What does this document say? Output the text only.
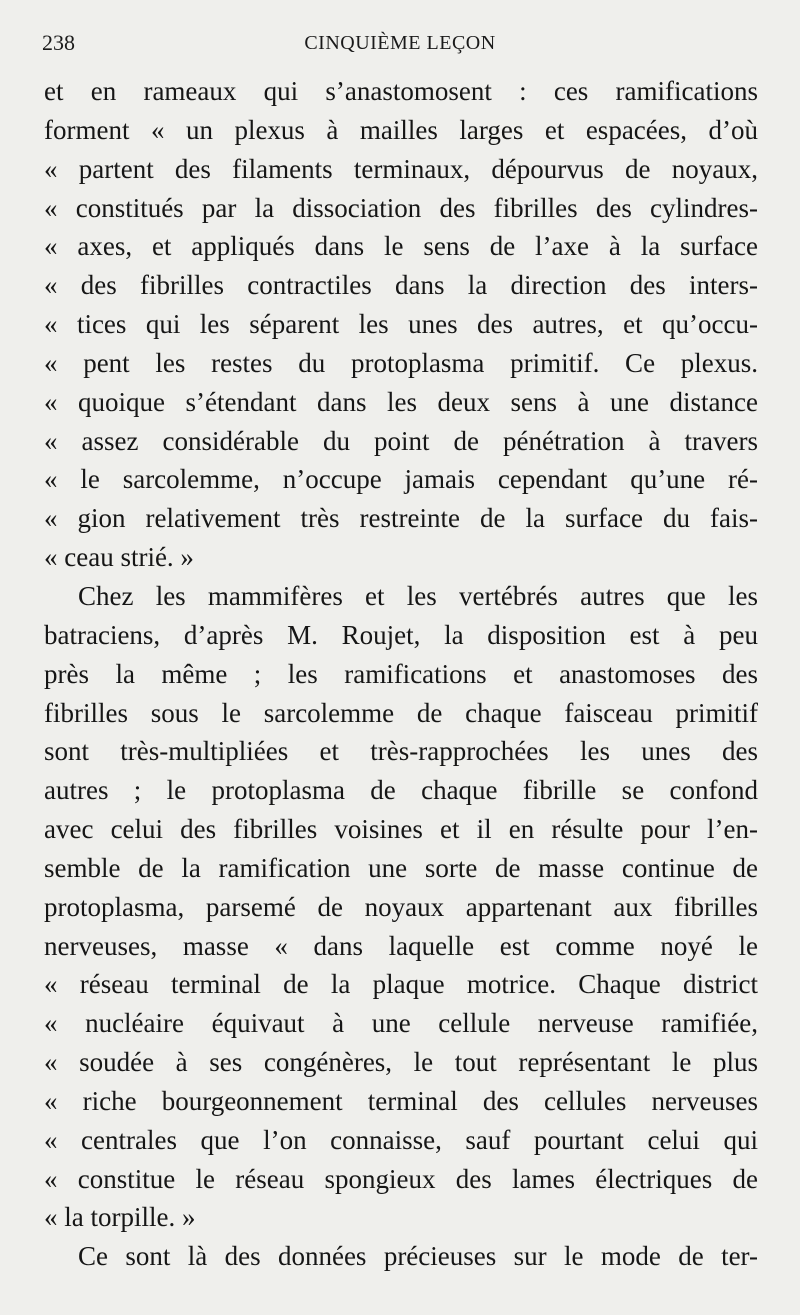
238	CINQUIÈME LEÇON
et en rameaux qui s’anastomosent : ces ramifications
forment « un plexus à mailles larges et espacées, d’où
« partent des filaments terminaux, dépourvus de noyaux,
« constitués par la dissociation des fibrilles des cylindres-
« axes, et appliqués dans le sens de l’axe à la surface
« des fibrilles contractiles dans la direction des inters-
« tices qui les séparent les unes des autres, et qu’occu-
« pent les restes du protoplasma primitif. Ce plexus.
« quoique s’étendant dans les deux sens à une distance
« assez considérable du point de pénétration à travers
« le sarcolemme, n’occupe jamais cependant qu’une ré-
« gion relativement très restreinte de la surface du fais-
« ceau strié. »
Chez les mammifères et les vertébrés autres que les
batraciens, d’après M. Roujet, la disposition est à peu
près la même ; les ramifications et anastomoses des
fibrilles sous le sarcolemme de chaque faisceau primitif
sont très-multipliées et très-rapprochées les unes des
autres ; le protoplasma de chaque fibrille se confond
avec celui des fibrilles voisines et il en résulte pour l’en-
semble de la ramification une sorte de masse continue de
protoplasma, parsemé de noyaux appartenant aux fibrilles
nerveuses, masse « dans laquelle est comme noyé le
« réseau terminal de la plaque motrice. Chaque district
« nucléaire équivaut à une cellule nerveuse ramifiée,
« soudée à ses congénères, le tout représentant le plus
« riche bourgeonnement terminal des cellules nerveuses
« centrales que l’on connaisse, sauf pourtant celui qui
« constitue le réseau spongieux des lames électriques de
« la torpille. »
Ce sont là des données précieuses sur le mode de ter-
